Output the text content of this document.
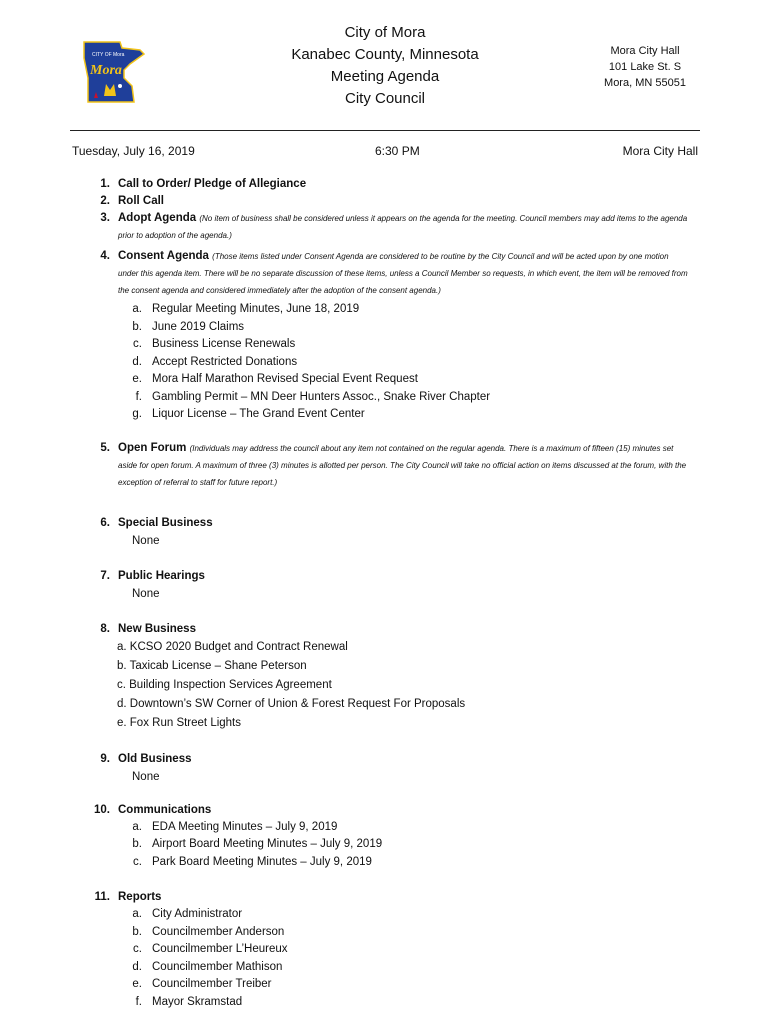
CITY OF Mora
Mora
City of Mora
Kanabec County, Minnesota
Meeting Agenda
City Council
Mora City Hall
101 Lake St. S
Mora, MN 55051
Tuesday, July 16, 2019	6:30 PM	Mora City Hall
1. Call to Order/ Pledge of Allegiance
2. Roll Call
3. Adopt Agenda (No item of business shall be considered unless it appears on the agenda for the meeting. Council members may add items to the agenda prior to adoption of the agenda.)
4. Consent Agenda (Those items listed under Consent Agenda are considered to be routine by the City Council and will be acted upon by one motion under this agenda item. There will be no separate discussion of these items, unless a Council Member so requests, in which event, the item will be removed from the consent agenda and considered immediately after the adoption of the consent agenda.)
a. Regular Meeting Minutes, June 18, 2019
b. June 2019 Claims
c. Business License Renewals
d. Accept Restricted Donations
e. Mora Half Marathon Revised Special Event Request
f. Gambling Permit – MN Deer Hunters Assoc., Snake River Chapter
g. Liquor License – The Grand Event Center
5. Open Forum (Individuals may address the council about any item not contained on the regular agenda. There is a maximum of fifteen (15) minutes set aside for open forum. A maximum of three (3) minutes is allotted per person. The City Council will take no official action on items discussed at the forum, with the exception of referral to staff for future report.)
6. Special Business
None
7. Public Hearings
None
8. New Business
a. KCSO 2020 Budget and Contract Renewal
b. Taxicab License – Shane Peterson
c. Building Inspection Services Agreement
d. Downtown’s SW Corner of Union & Forest Request For Proposals
e. Fox Run Street Lights
9. Old Business
None
10. Communications
a. EDA Meeting Minutes – July 9, 2019
b. Airport Board Meeting Minutes – July 9, 2019
c. Park Board Meeting Minutes – July 9, 2019
11. Reports
a. City Administrator
b. Councilmember Anderson
c. Councilmember L’Heureux
d. Councilmember Mathison
e. Councilmember Treiber
f. Mayor Skramstad
